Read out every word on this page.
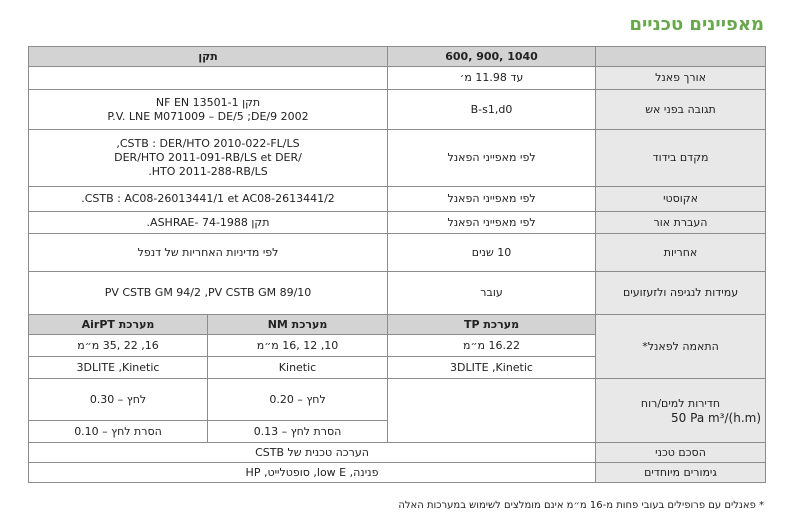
מאפיינים טכניים
	1040 ,900 ,600	תקן	
אורך פאנל	עד 11.98 מ׳		
תגובה בפני אש	B-s1,d0	תקן NF EN 13501-1
2002 P.V. LNE M071009 – DE/5 ;DE/9	

מקדם בידוד	לפי מאפייני הפאנל	CSTB : DER/HTO 2010-022-FL/LS,
/DER/HTO 2011-091-RB/LS et DER
HTO 2011-288-RB/LS.	

אקוסטי	לפי מאפייני הפאנל	CSTB : AC08-26013441/1 et AC08-2613441/2.	
העברת אור	לפי מאפייני הפאנל	תקן ASHRAE- 74-1988.	
אחריות	10 שנים	לפי מדיניות האחריות של דנפל	
עמידות לנגיפה ולזעזועים	עובר	PV CSTB GM 94/2 ,PV CSTB GM 89/10	
התאמה לפאנל*	מערכת TP	מערכת NM	מערכת AirPT
	16.22 מ״מ	10, 12 ,16 מ״מ	16, 22 ,35 מ״מ
	3DLITE ,Kinetic	Kinetic	3DLITE ,Kinetic

חדירות למים/רוח
50 Pa m³/(h.m)		לחץ – 0.20	לחץ – 0.30
		הסרת לחץ – 0.13	הסרת לחץ – 0.10
הסכם טכני	הערכה טכנית של CSTB		
גימורים מיוחדים	פנינה, low E, סופטלייט, HP		
* פאנלים עם פרופילים בעובי פחות מ-16 מ״מ אינם מומלצים לשימוש במערכות האלה
